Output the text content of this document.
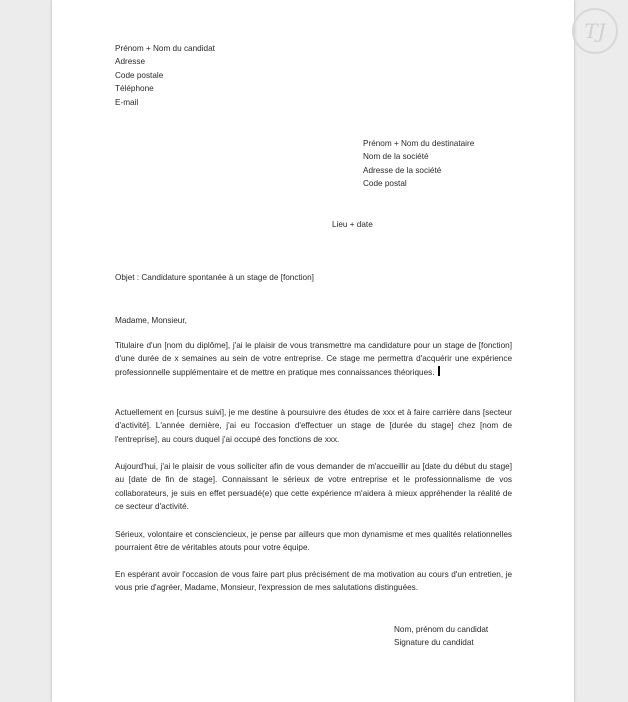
TJ
Prénom + Nom du candidat
Adresse
Code postale
Téléphone
E-mail
Prénom + Nom du destinataire
Nom de la société
Adresse de la société
Code postal
Lieu + date
Objet : Candidature spontanée à un stage de [fonction]
Madame, Monsieur,
Titulaire d'un [nom du diplôme], j'ai le plaisir de vous transmettre ma candidature pour un stage de [fonction] d'une durée de x semaines au sein de votre entreprise. Ce stage me permettra d'acquérir une expérience professionnelle supplémentaire et de mettre en pratique mes connaissances théoriques.
Actuellement en [cursus suivi], je me destine à poursuivre des études de xxx et à faire carrière dans [secteur d'activité]. L'année dernière, j'ai eu l'occasion d'effectuer un stage de [durée du stage] chez [nom de l'entreprise], au cours duquel j'ai occupé des fonctions de xxx.
Aujourd'hui, j'ai le plaisir de vous solliciter afin de vous demander de m'accueillir au [date du début du stage] au [date de fin de stage]. Connaissant le sérieux de votre entreprise et le professionnalisme de vos collaborateurs, je suis en effet persuadé(e) que cette expérience m'aidera à mieux appréhender la réalité de ce secteur d'activité.
Sérieux, volontaire et consciencieux, je pense par ailleurs que mon dynamisme et mes qualités relationnelles pourraient être de véritables atouts pour votre équipe.
En espérant avoir l'occasion de vous faire part plus précisément de ma motivation au cours d'un entretien, je vous prie d'agréer, Madame, Monsieur, l'expression de mes salutations distinguées.
Nom, prénom du candidat
Signature du candidat
